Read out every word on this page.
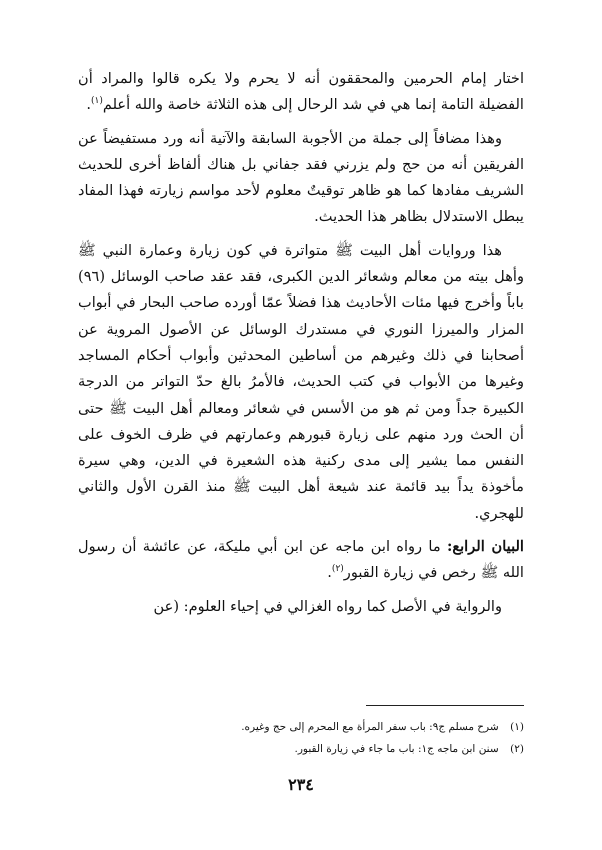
اختار إمام الحرمين والمحققون أنه لا يحرم ولا يكره قالوا والمراد أن الفضيلة التامة إنما هي في شد الرحال إلى هذه الثلاثة خاصة والله أعلم$^{(١)}$.

وهذا مضافاً إلى جملة من الأجوبة السابقة والآتية أنه ورد مستفيضاً عن الفريقين أنه من حج ولم يزرني فقد جفاني بل هناك ألفاظ أخرى للحديث الشريف مفادها كما هو ظاهر توقيتٌ معلوم لأحد مواسم زيارته فهذا المفاد يبطل الاستدلال بظاهر هذا الحديث.

هذا وروايات أهل البيت ﷺ متواترة في كون زيارة وعمارة النبي ﷺ وأهل بيته من معالم وشعائر الدين الكبرى، فقد عقد صاحب الوسائل (٩٦) باباً وأخرج فيها مئات الأحاديث هذا فضلاً عمّا أورده صاحب البحار في أبواب المزار والميرزا النوري في مستدرك الوسائل عن الأصول المروية عن أصحابنا في ذلك وغيرهم من أساطين المحدثين وأبواب أحكام المساجد وغيرها من الأبواب في كتب الحديث، فالأمرُ بالغ حدّ التواتر من الدرجة الكبيرة جداً ومن ثم هو من الأسس في شعائر ومعالم أهل البيت ﷺ حتى أن الحث ورد منهم على زيارة قبورهم وعمارتهم في ظرف الخوف على النفس مما يشير إلى مدى ركنية هذه الشعيرة في الدين، وهي سيرة مأخوذة يداً بيد قائمة عند شيعة أهل البيت ﷺ منذ القرن الأول والثاني للهجري.

البيان الرابع: ما رواه ابن ماجه عن ابن أبي مليكة، عن عائشة أن رسول الله ﷺ رخص في زيارة القبور$^{(٢)}$.

والرواية في الأصل كما رواه الغزالي في إحياء العلوم: (عن

(١) شرح مسلم ج٩: باب سفر المرأة مع المحرم إلى حج وغيره.

(٢) سنن ابن ماجه ج١: باب ما جاء في زيارة القبور.

٢٣٤
